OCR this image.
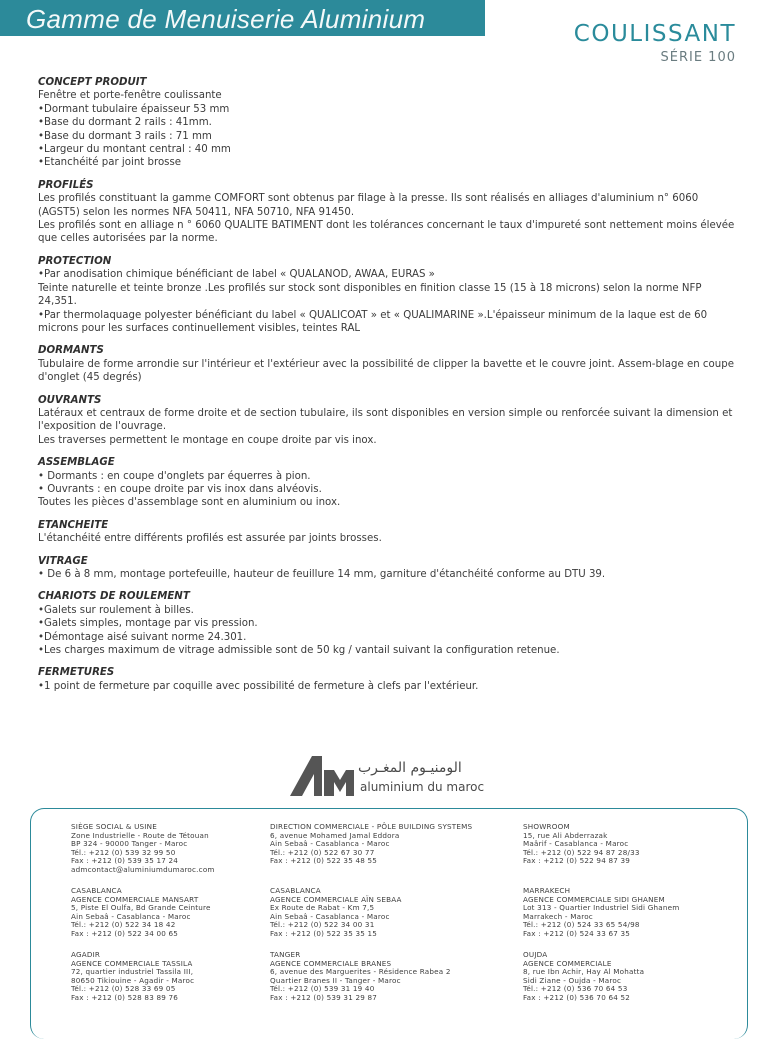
Gamme de Menuiserie Aluminium	COULISSANT
SÉRIE 100
CONCEPT PRODUIT
Fenêtre et porte-fenêtre coulissante
•Dormant tubulaire épaisseur 53 mm
•Base du dormant 2 rails : 41mm.
•Base du dormant 3 rails : 71 mm
•Largeur du montant central : 40 mm
•Etanchéité par joint brosse
PROFILÉS
Les profilés constituant la gamme COMFORT sont obtenus par filage à la presse. Ils sont réalisés en alliages d'aluminium n° 6060 (AGST5) selon les normes NFA 50411, NFA 50710, NFA 91450.
Les profilés sont en alliage n ° 6060 QUALITE BATIMENT dont les tolérances concernant le taux d'impureté sont nettement moins élevée que celles autorisées par la norme.
PROTECTION
•Par anodisation chimique bénéficiant de label « QUALANOD, AWAA, EURAS »
Teinte naturelle et teinte bronze .Les profilés sur stock sont disponibles en finition classe 15 (15 à 18 microns) selon la norme NFP 24,351.
•Par thermolaquage polyester bénéficiant du label « QUALICOAT » et « QUALIMARINE ».L'épaisseur minimum de la laque est de 60 microns pour les surfaces continuellement visibles, teintes RAL
DORMANTS
Tubulaire de forme arrondie sur l'intérieur et l'extérieur avec la possibilité de clipper la bavette et le couvre joint. Assem-blage en coupe d'onglet (45 degrés)
OUVRANTS
Latéraux et centraux de forme droite et de section tubulaire, ils sont disponibles en version simple ou renforcée suivant la dimension et l'exposition de l'ouvrage.
Les traverses permettent le montage en coupe droite par vis inox.
ASSEMBLAGE
• Dormants : en coupe d'onglets par équerres à pion.
• Ouvrants : en coupe droite par vis inox dans alvéovis.
Toutes les pièces d'assemblage sont en aluminium ou inox.
ETANCHEITE
L'étanchéité entre différents profilés est assurée par joints brosses.
VITRAGE
• De 6 à 8 mm, montage portefeuille, hauteur de feuillure 14 mm, garniture d'étanchéité conforme au DTU 39.
CHARIOTS DE ROULEMENT
•Galets sur roulement à billes.
•Galets simples, montage par vis pression.
•Démontage aisé suivant norme 24.301.
•Les charges maximum de vitrage admissible sont de 50 kg / vantail suivant la configuration retenue.
FERMETURES
•1 point de fermeture par coquille avec possibilité de fermeture à clefs par l'extérieur.
الومنيـوم المغـرب
aluminium du maroc
SIÈGE SOCIAL & USINE
Zone Industrielle - Route de Tétouan
BP 324 - 90000 Tanger - Maroc
Tél.: +212 (0) 539 32 99 50
Fax : +212 (0) 539 35 17 24
admcontact@aluminiumdumaroc.com
DIRECTION COMMERCIALE - PÔLE BUILDING SYSTEMS
6, avenue Mohamed Jamal Eddora
Ain Sebaâ - Casablanca - Maroc
Tél.: +212 (0) 522 67 30 77
Fax : +212 (0) 522 35 48 55
SHOWROOM
15, rue Ali Abderrazak
Maârif - Casablanca - Maroc
Tél.: +212 (0) 522 94 87 28/33
Fax : +212 (0) 522 94 87 39
CASABLANCA
AGENCE COMMERCIALE MANSART
5, Piste El Oulfa, Bd Grande Ceinture
Ain Sebaâ - Casablanca - Maroc
Tél.: +212 (0) 522 34 18 42
Fax : +212 (0) 522 34 00 65
CASABLANCA
AGENCE COMMERCIALE AÏN SEBAA
Ex Route de Rabat - Km 7,5
Ain Sebaâ - Casablanca - Maroc
Tél.: +212 (0) 522 34 00 31
Fax : +212 (0) 522 35 35 15
MARRAKECH
AGENCE COMMERCIALE SIDI GHANEM
Lot 313 - Quartier Industriel Sidi Ghanem
Marrakech - Maroc
Tél.: +212 (0) 524 33 65 54/98
Fax : +212 (0) 524 33 67 35
AGADIR
AGENCE COMMERCIALE TASSILA
72, quartier industriel Tassila III,
80650 Tikiouine - Agadir - Maroc
Tél.: +212 (0) 528 33 69 05
Fax : +212 (0) 528 83 89 76
TANGER
AGENCE COMMERCIALE BRANES
6, avenue des Marguerites - Résidence Rabea 2
Quartier Branes II - Tanger - Maroc
Tél.: +212 (0) 539 31 19 40
Fax : +212 (0) 539 31 29 87
OUJDA
AGENCE COMMERCIALE
8, rue Ibn Achir, Hay Al Mohatta
Sidi Ziane - Oujda - Maroc
Tél.: +212 (0) 536 70 64 53
Fax : +212 (0) 536 70 64 52
